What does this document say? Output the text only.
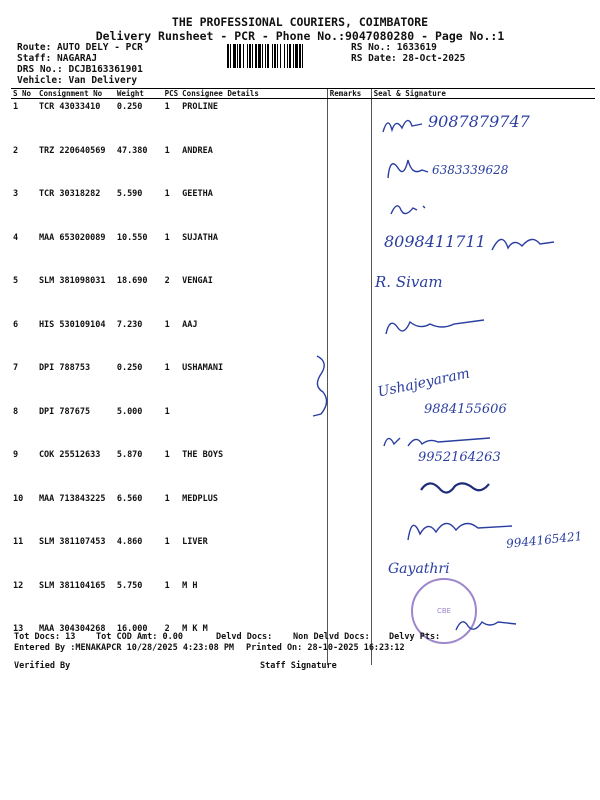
THE PROFESSIONAL COURIERS, COIMBATORE
Delivery Runsheet - PCR - Phone No.:9047080280 - Page No.:1
Route: AUTO DELY - PCR
Staff: NAGARAJ
DRS No.: DCJB163361901
Vehicle: Van Delivery
RS No.: 1633619
RS Date: 28-Oct-2025
S No	Consignment No	Weight	PCS	Consignee Details	Remarks	Seal & Signature
1	TCR 43033410	0.250	1	PROLINE		
2	TRZ 220640569	47.380	1	ANDREA		
3	TCR 30318282	5.590	1	GEETHA		
4	MAA 653020089	10.550	1	SUJATHA		
5	SLM 381098031	18.690	2	VENGAI		
6	HIS 530109104	7.230	1	AAJ		
7	DPI 788753	0.250	1	USHAMANI		
8	DPI 787675	5.000	1			
9	COK 25512633	5.870	1	THE BOYS		
10	MAA 713843225	6.560	1	MEDPLUS		
11	SLM 381107453	4.860	1	LIVER		
12	SLM 381104165	5.750	1	M H		
13	MAA 304304268	16.000	2	M K M		
9087879747
6383339628
8098411711
R. Sivam
Ushajeyaram
9884155606
9952164263
9944165421
Gayathri
CBE
Tot Docs: 13 Tot COD Amt: 0.00	Delvd Docs: Non Delvd Docs: Delvy Pts:
Entered By :MENAKAPCR 10/28/2025 4:23:08 PM Printed On: 28-10-2025 16:23:12
Verified By	Staff Signature
